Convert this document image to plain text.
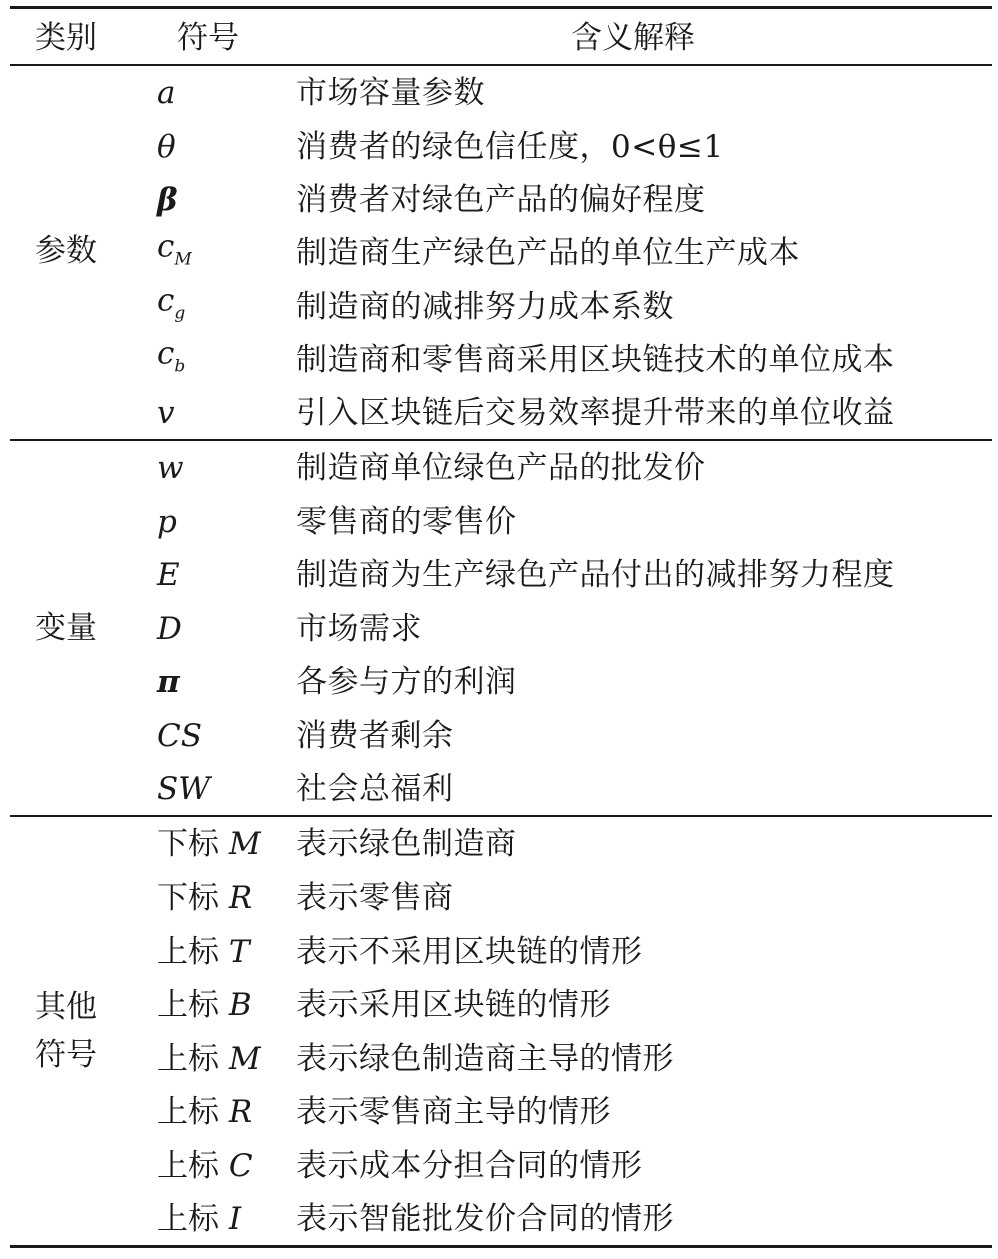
类别	符号	含义解释
参数
a	市场容量参数
θ	消费者的绿色信任度，0<θ≤1
β	消费者对绿色产品的偏好程度
$c_M$	制造商生产绿色产品的单位生产成本
$c_g$	制造商的减排努力成本系数
$c_b$	制造商和零售商采用区块链技术的单位成本
v	引入区块链后交易效率提升带来的单位收益
变量
w	制造商单位绿色产品的批发价
p	零售商的零售价
E	制造商为生产绿色产品付出的减排努力程度
D	市场需求
π	各参与方的利润
CS	消费者剩余
SW	社会总福利
其他
符号
下标 M 表示绿色制造商
下标 R 表示零售商
上标 T 表示不采用区块链的情形
上标 B 表示采用区块链的情形
上标 M 表示绿色制造商主导的情形
上标 R 表示零售商主导的情形
上标 C 表示成本分担合同的情形
上标 I 表示智能批发价合同的情形
